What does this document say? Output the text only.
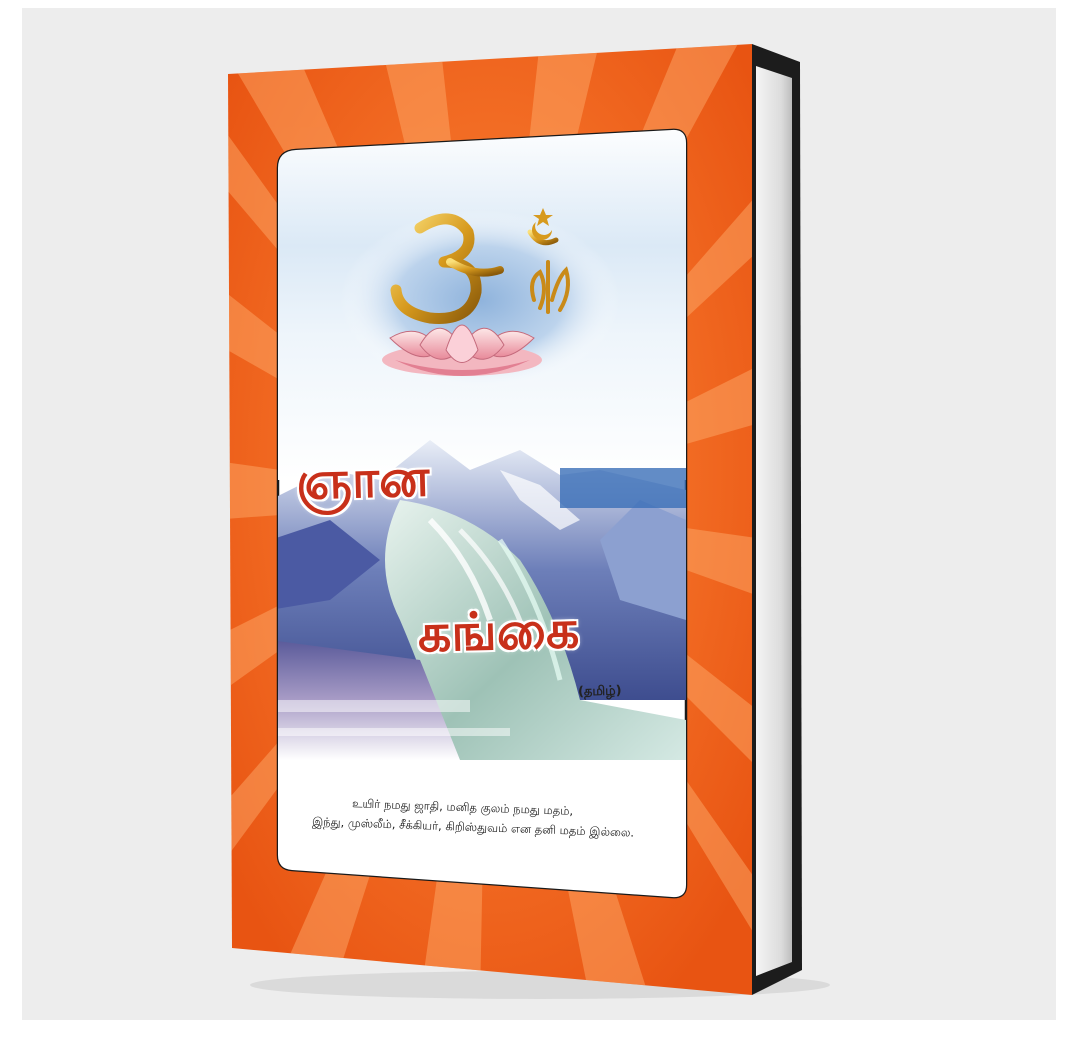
ஞான
கங்கை
(தமிழ்)
உயிர் நமது ஜாதி, மனித குலம் நமது மதம்,
இந்து, முஸ்லீம், சீக்கியர், கிறிஸ்துவம் என தனி மதம் இல்லை.
